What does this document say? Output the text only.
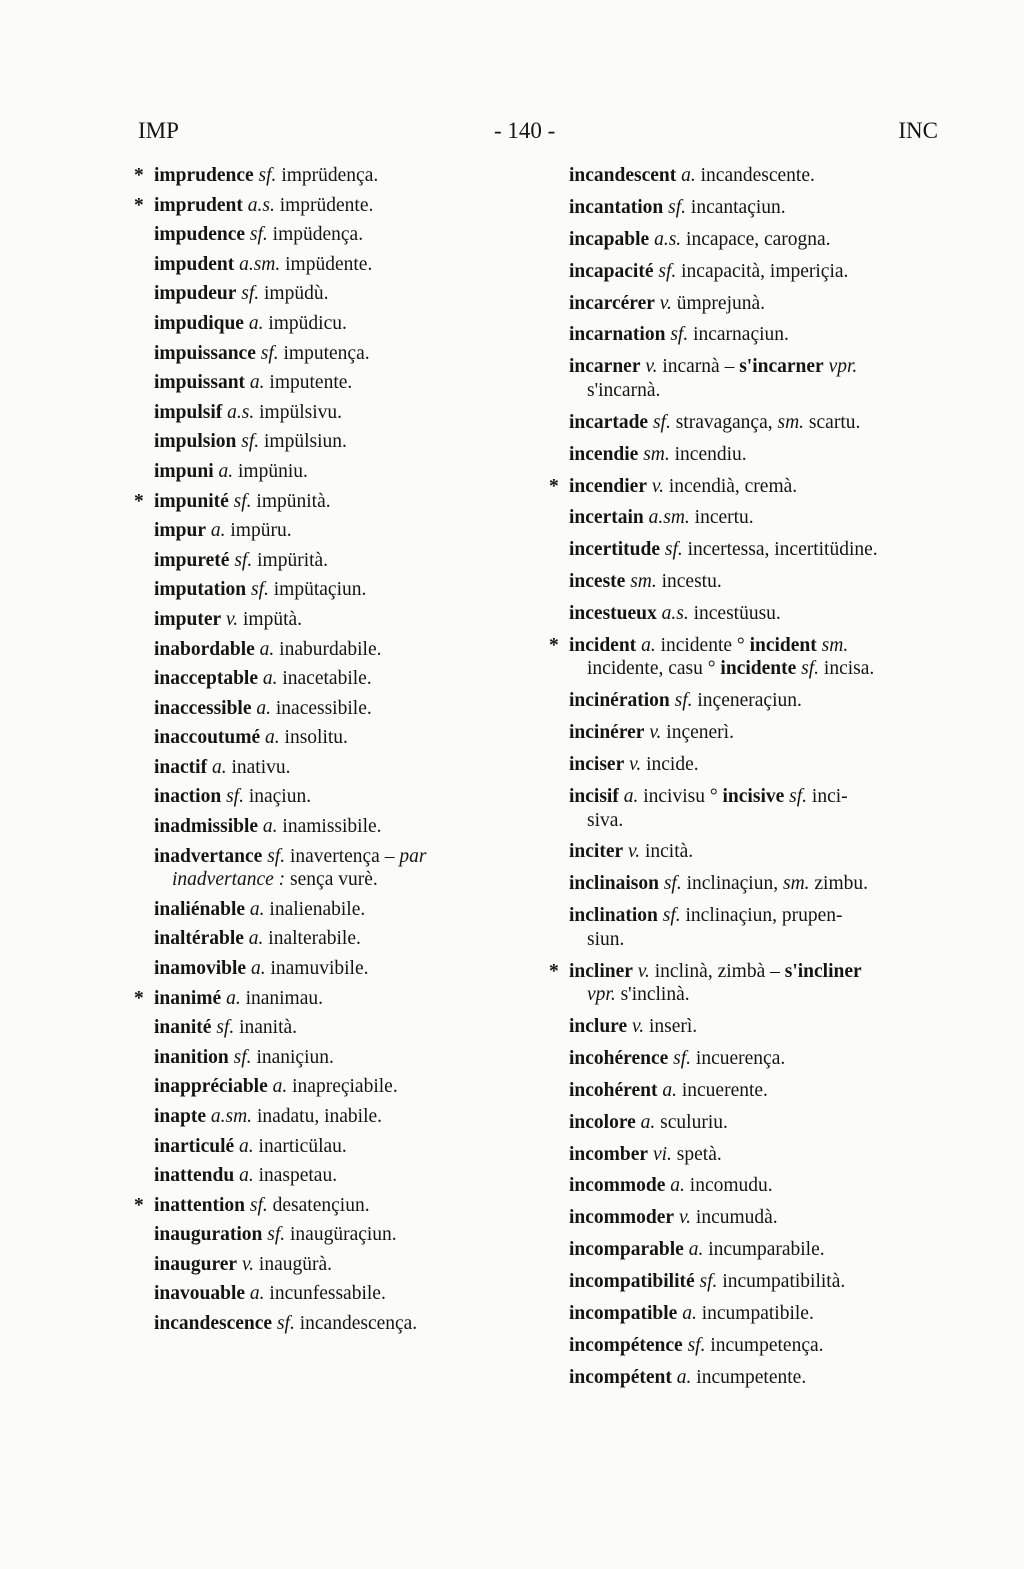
IMP	- 140 -	INC
* imprudence sf. imprüdença.
* imprudent a.s. imprüdente.
impudence sf. impüdença.
impudent a.sm. impüdente.
impudeur sf. impüdù.
impudique a. impüdicu.
impuissance sf. imputença.
impuissant a. imputente.
impulsif a.s. impülsivu.
impulsion sf. impülsiun.
impuni a. impüniu.
* impunité sf. impünità.
impur a. impüru.
impureté sf. impürità.
imputation sf. impütaçiun.
imputer v. impütà.
inabordable a. inaburdabile.
inacceptable a. inacetabile.
inaccessible a. inacessibile.
inaccoutumé a. insolitu.
inactif a. inativu.
inaction sf. inaçiun.
inadmissible a. inamissibile.
inadvertance sf. inavertença – par
inadvertance : sença vurè.
inaliénable a. inalienabile.
inaltérable a. inalterabile.
inamovible a. inamuvibile.
* inanimé a. inanimau.
inanité sf. inanità.
inanition sf. inaniçiun.
inappréciable a. inapreçiabile.
inapte a.sm. inadatu, inabile.
inarticulé a. inarticülau.
inattendu a. inaspetau.
* inattention sf. desatençiun.
inauguration sf. inaugüraçiun.
inaugurer v. inaugürà.
inavouable a. incunfessabile.
incandescence sf. incandescença.
incandescent a. incandescente.
incantation sf. incantaçiun.
incapable a.s. incapace, carogna.
incapacité sf. incapacità, imperiçia.
incarcérer v. ümprejunà.
incarnation sf. incarnaçiun.
incarner v. incarnà – s'incarner vpr.
s'incarnà.
incartade sf. stravagança, sm. scartu.
incendie sm. incendiu.
* incendier v. incendià, cremà.
incertain a.sm. incertu.
incertitude sf. incertessa, incertitüdine.
inceste sm. incestu.
incestueux a.s. incestüusu.
* incident a. incidente ° incident sm.
incidente, casu ° incidente sf. incisa.
incinération sf. inçeneraçiun.
incinérer v. inçenerì.
inciser v. incide.
incisif a. incivisu ° incisive sf. inci-
siva.
inciter v. incità.
inclinaison sf. inclinaçiun, sm. zimbu.
inclination sf. inclinaçiun, prupen-
siun.
* incliner v. inclinà, zimbà – s'incliner
vpr. s'inclinà.
inclure v. inserì.
incohérence sf. incuerença.
incohérent a. incuerente.
incolore a. sculuriu.
incomber vi. spetà.
incommode a. incomudu.
incommoder v. incumudà.
incomparable a. incumparabile.
incompatibilité sf. incumpatibilità.
incompatible a. incumpatibile.
incompétence sf. incumpetença.
incompétent a. incumpetente.
